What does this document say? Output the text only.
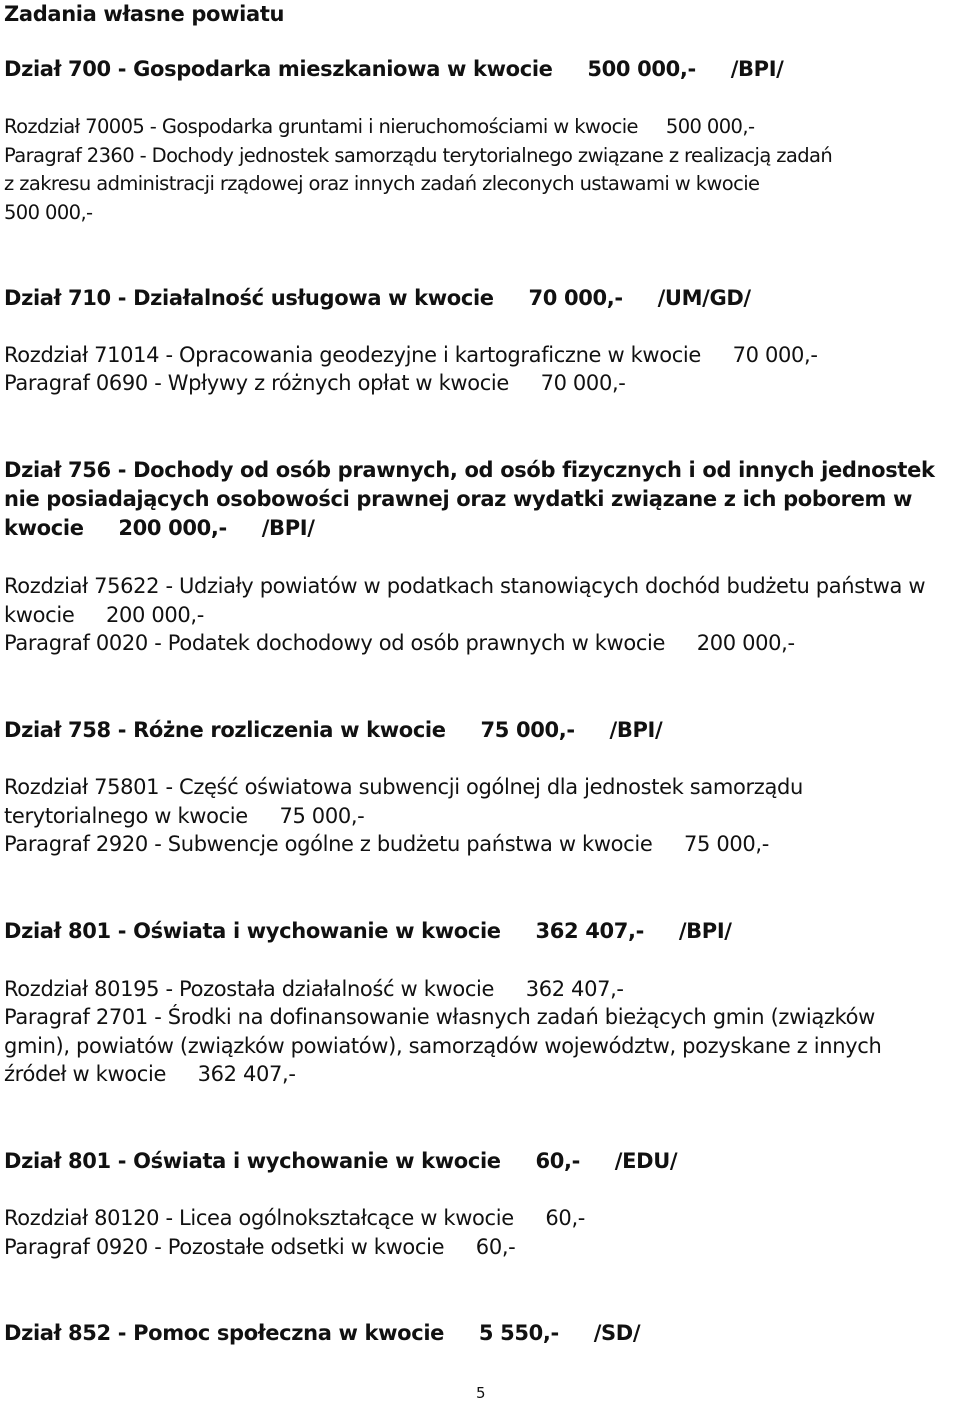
Zadania własne powiatu

Dział 700 - Gospodarka mieszkaniowa w kwocie     500 000,-     /BPI/

Rozdział 70005 - Gospodarka gruntami i nieruchomościami w kwocie     500 000,-

Paragraf 2360 - Dochody jednostek samorządu terytorialnego związane z realizacją zadań

z zakresu administracji rządowej oraz innych zadań zleconych ustawami w kwocie

500 000,-

Dział 710 - Działalność usługowa w kwocie     70 000,-     /UM/GD/

Rozdział 71014 - Opracowania geodezyjne i kartograficzne w kwocie     70 000,-

Paragraf 0690 - Wpływy z różnych opłat w kwocie     70 000,-

Dział 756 - Dochody od osób prawnych, od osób fizycznych i od innych jednostek

nie posiadających osobowości prawnej oraz wydatki związane z ich poborem w

kwocie     200 000,-     /BPI/

Rozdział 75622 - Udziały powiatów w podatkach stanowiących dochód budżetu państwa w

kwocie     200 000,-

Paragraf 0020 - Podatek dochodowy od osób prawnych w kwocie     200 000,-

Dział 758 - Różne rozliczenia w kwocie     75 000,-     /BPI/

Rozdział 75801 - Część oświatowa subwencji ogólnej dla jednostek samorządu

terytorialnego w kwocie     75 000,-

Paragraf 2920 - Subwencje ogólne z budżetu państwa w kwocie     75 000,-

Dział 801 - Oświata i wychowanie w kwocie     362 407,-     /BPI/

Rozdział 80195 - Pozostała działalność w kwocie     362 407,-

Paragraf 2701 - Środki na dofinansowanie własnych zadań bieżących gmin (związków

gmin), powiatów (związków powiatów), samorządów województw, pozyskane z innych

źródeł w kwocie     362 407,-

Dział 801 - Oświata i wychowanie w kwocie     60,-     /EDU/

Rozdział 80120 - Licea ogólnokształcące w kwocie     60,-

Paragraf 0920 - Pozostałe odsetki w kwocie     60,-

Dział 852 - Pomoc społeczna w kwocie     5 550,-     /SD/

5
